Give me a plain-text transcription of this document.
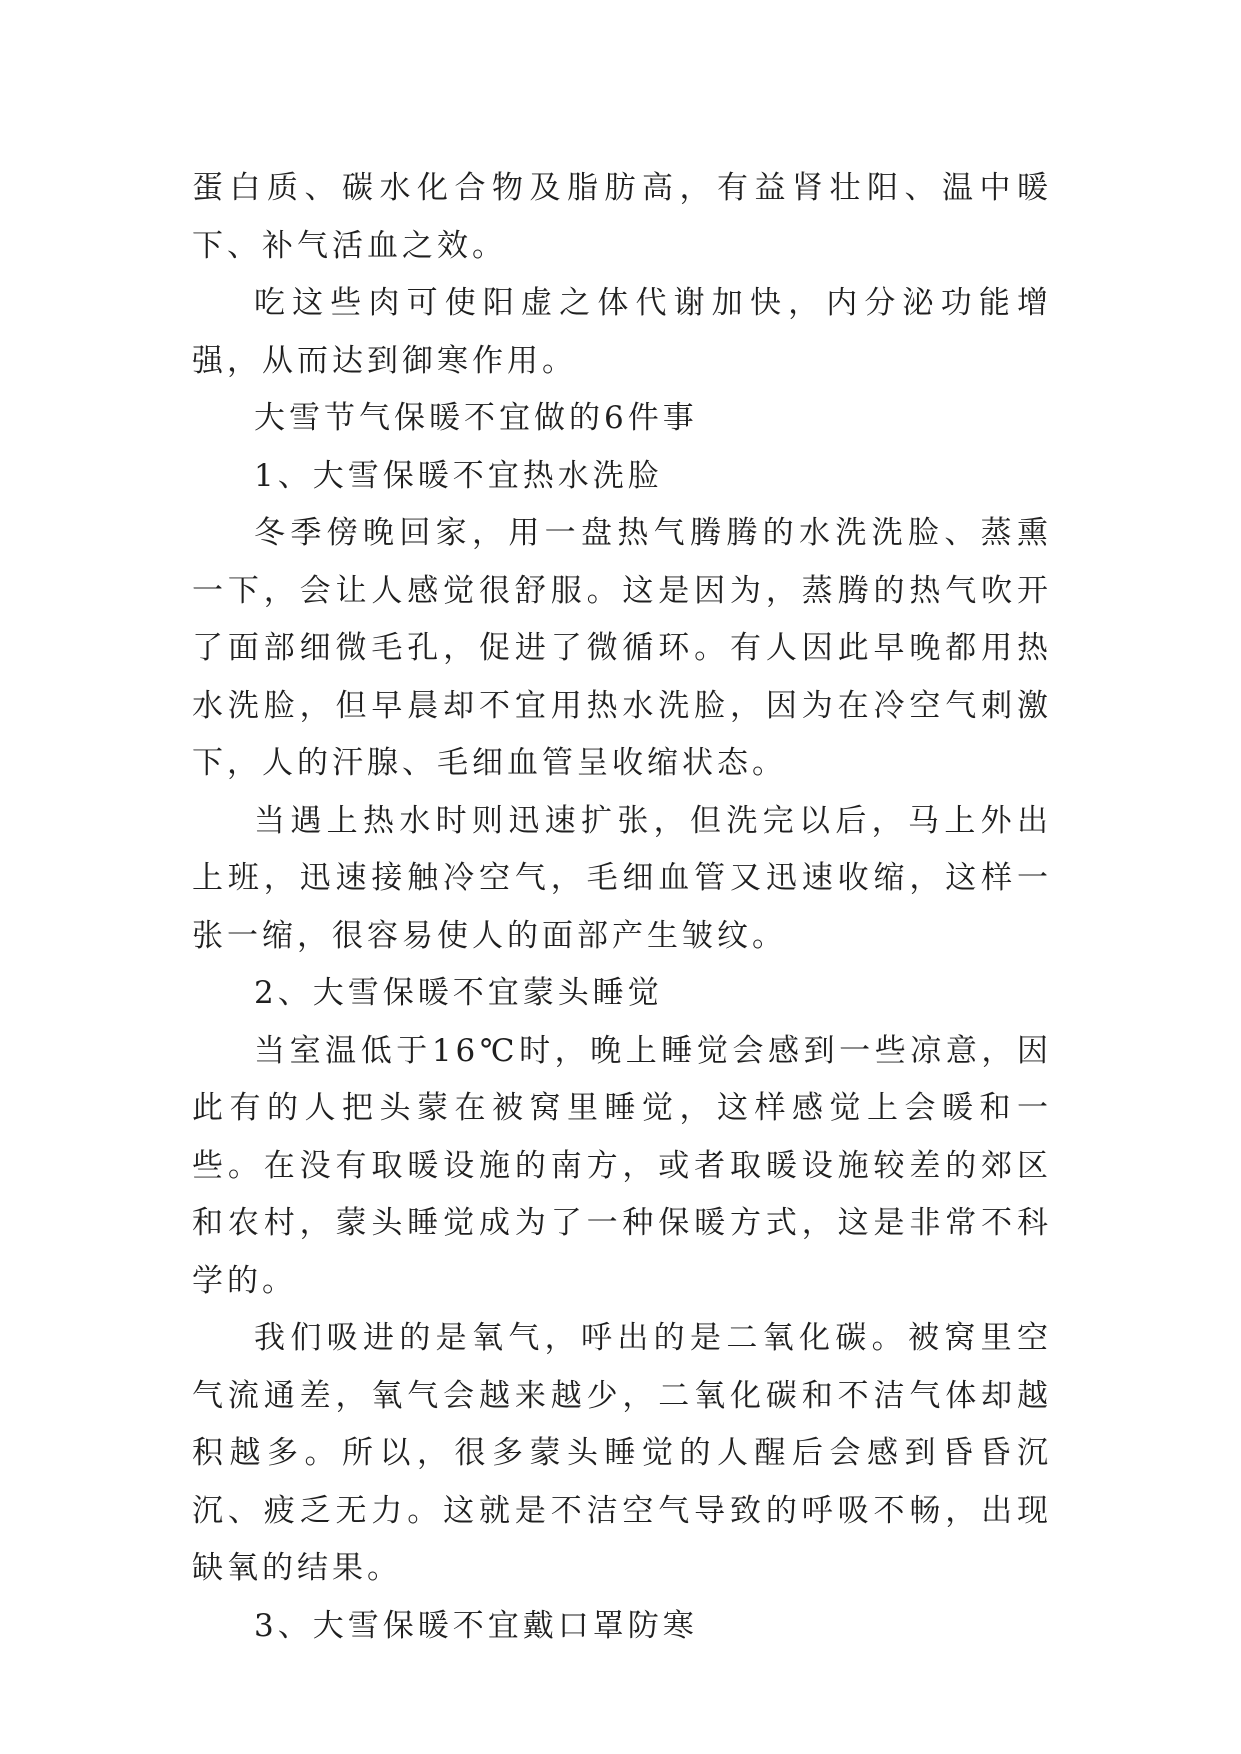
蛋白质、碳水化合物及脂肪高，有益肾壮阳、温中暖下、补气活血之效。

吃这些肉可使阳虚之体代谢加快，内分泌功能增强，从而达到御寒作用。

大雪节气保暖不宜做的6件事

1、大雪保暖不宜热水洗脸

冬季傍晚回家，用一盘热气腾腾的水洗洗脸、蒸熏一下，会让人感觉很舒服。这是因为，蒸腾的热气吹开了面部细微毛孔，促进了微循环。有人因此早晚都用热水洗脸，但早晨却不宜用热水洗脸，因为在冷空气刺激下，人的汗腺、毛细血管呈收缩状态。

当遇上热水时则迅速扩张，但洗完以后，马上外出上班，迅速接触冷空气，毛细血管又迅速收缩，这样一张一缩，很容易使人的面部产生皱纹。

2、大雪保暖不宜蒙头睡觉

当室温低于16℃时，晚上睡觉会感到一些凉意，因此有的人把头蒙在被窝里睡觉，这样感觉上会暖和一些。在没有取暖设施的南方，或者取暖设施较差的郊区和农村，蒙头睡觉成为了一种保暖方式，这是非常不科学的。

我们吸进的是氧气，呼出的是二氧化碳。被窝里空气流通差，氧气会越来越少，二氧化碳和不洁气体却越积越多。所以，很多蒙头睡觉的人醒后会感到昏昏沉沉、疲乏无力。这就是不洁空气导致的呼吸不畅，出现缺氧的结果。

3、大雪保暖不宜戴口罩防寒
